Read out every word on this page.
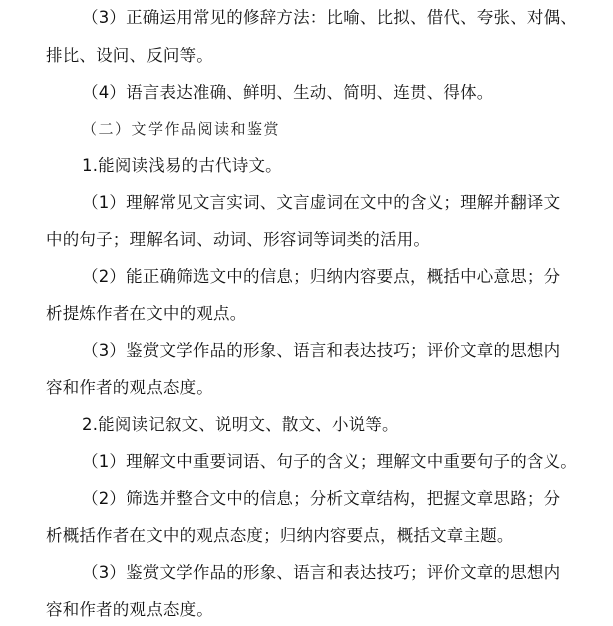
（3）正确运用常见的修辞方法：比喻、比拟、借代、夸张、对偶、
排比、设问、反问等。
（4）语言表达准确、鲜明、生动、简明、连贯、得体。
（二）文学作品阅读和鉴赏
1.能阅读浅易的古代诗文。
（1）理解常见文言实词、文言虚词在文中的含义；理解并翻译文
中的句子；理解名词、动词、形容词等词类的活用。
（2）能正确筛选文中的信息；归纳内容要点，概括中心意思；分
析提炼作者在文中的观点。
（3）鉴赏文学作品的形象、语言和表达技巧；评价文章的思想内
容和作者的观点态度。
2.能阅读记叙文、说明文、散文、小说等。
（1）理解文中重要词语、句子的含义；理解文中重要句子的含义。
（2）筛选并整合文中的信息；分析文章结构，把握文章思路；分
析概括作者在文中的观点态度；归纳内容要点，概括文章主题。
（3）鉴赏文学作品的形象、语言和表达技巧；评价文章的思想内
容和作者的观点态度。
